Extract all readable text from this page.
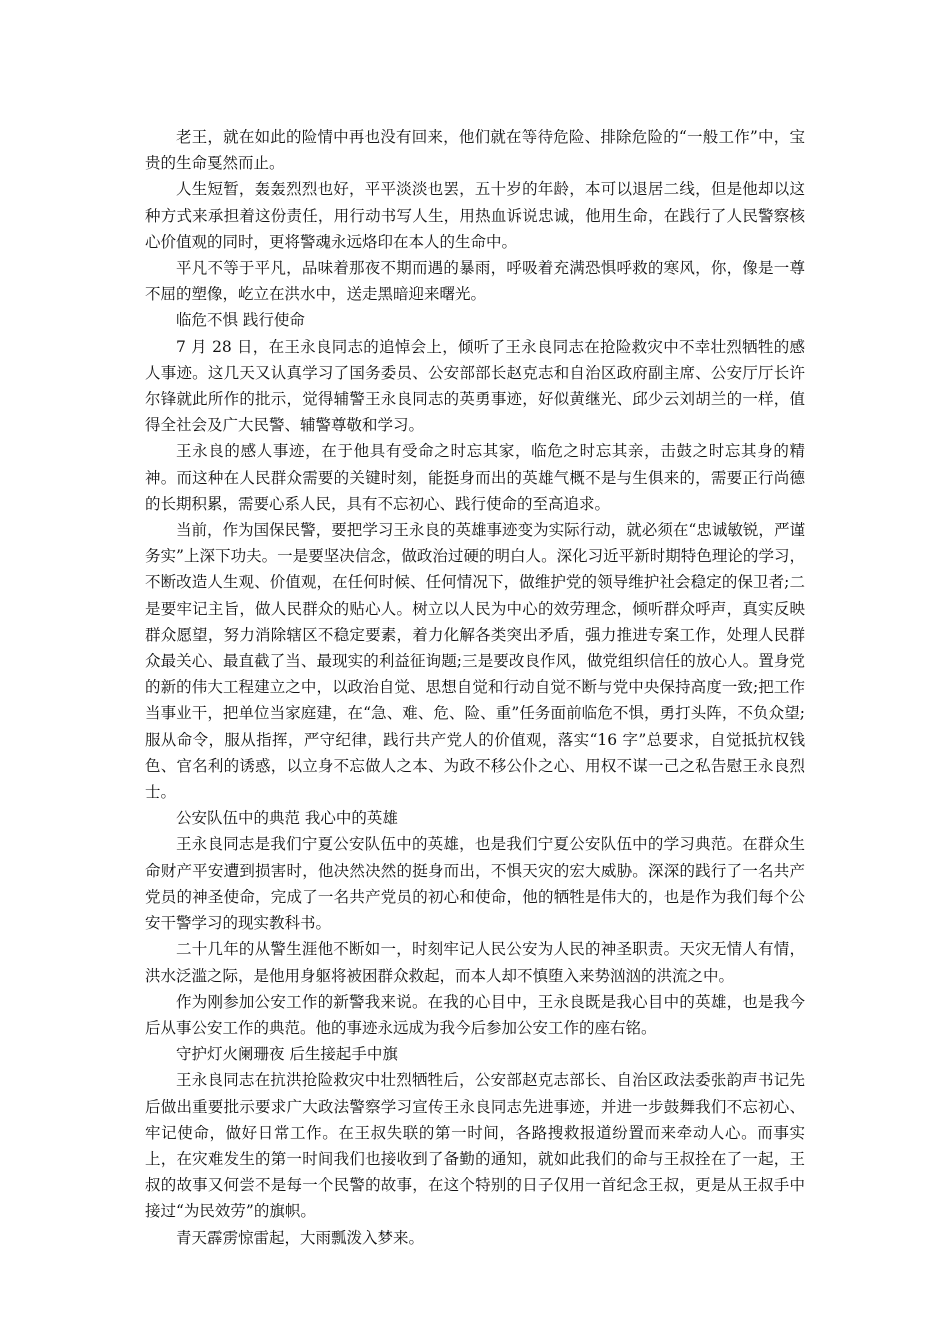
老王，就在如此的险情中再也没有回来，他们就在等待危险、排除危险的“一般工作”中，宝贵的生命戛然而止。

人生短暂，轰轰烈烈也好，平平淡淡也罢，五十岁的年龄，本可以退居二线，但是他却以这种方式来承担着这份责任，用行动书写人生，用热血诉说忠诚，他用生命，在践行了人民警察核心价值观的同时，更将警魂永远烙印在本人的生命中。

平凡不等于平凡，品味着那夜不期而遇的暴雨，呼吸着充满恐惧呼救的寒风，你，像是一尊不屈的塑像，屹立在洪水中，送走黑暗迎来曙光。

临危不惧 践行使命

7 月 28 日，在王永良同志的追悼会上，倾听了王永良同志在抢险救灾中不幸壮烈牺牲的感人事迹。这几天又认真学习了国务委员、公安部部长赵克志和自治区政府副主席、公安厅厅长许尔锋就此所作的批示，觉得辅警王永良同志的英勇事迹，好似黄继光、邱少云刘胡兰的一样，值得全社会及广大民警、辅警尊敬和学习。

王永良的感人事迹，在于他具有受命之时忘其家，临危之时忘其亲，击鼓之时忘其身的精神。而这种在人民群众需要的关键时刻，能挺身而出的英雄气概不是与生俱来的，需要正行尚德的长期积累，需要心系人民，具有不忘初心、践行使命的至高追求。

当前，作为国保民警，要把学习王永良的英雄事迹变为实际行动，就必须在“忠诚敏锐，严谨务实”上深下功夫。一是要坚决信念，做政治过硬的明白人。深化习近平新时期特色理论的学习，不断改造人生观、价值观，在任何时候、任何情况下，做维护党的领导维护社会稳定的保卫者;二是要牢记主旨，做人民群众的贴心人。树立以人民为中心的效劳理念，倾听群众呼声，真实反映群众愿望，努力消除辖区不稳定要素，着力化解各类突出矛盾，强力推进专案工作，处理人民群众最关心、最直截了当、最现实的利益征询题;三是要改良作风，做党组织信任的放心人。置身党的新的伟大工程建立之中，以政治自觉、思想自觉和行动自觉不断与党中央保持高度一致;把工作当事业干，把单位当家庭建，在“急、难、危、险、重”任务面前临危不惧，勇打头阵，不负众望;服从命令，服从指挥，严守纪律，践行共产党人的价值观，落实“16 字”总要求，自觉抵抗权钱色、官名利的诱惑，以立身不忘做人之本、为政不移公仆之心、用权不谋一己之私告慰王永良烈士。

公安队伍中的典范 我心中的英雄

王永良同志是我们宁夏公安队伍中的英雄，也是我们宁夏公安队伍中的学习典范。在群众生命财产平安遭到损害时，他决然决然的挺身而出，不惧天灾的宏大威胁。深深的践行了一名共产党员的神圣使命，完成了一名共产党员的初心和使命，他的牺牲是伟大的，也是作为我们每个公安干警学习的现实教科书。

二十几年的从警生涯他不断如一，时刻牢记人民公安为人民的神圣职责。天灾无情人有情，洪水泛滥之际，是他用身躯将被困群众救起，而本人却不慎堕入来势汹汹的洪流之中。

作为刚参加公安工作的新警我来说。在我的心目中，王永良既是我心目中的英雄，也是我今后从事公安工作的典范。他的事迹永远成为我今后参加公安工作的座右铭。

守护灯火阑珊夜 后生接起手中旗

王永良同志在抗洪抢险救灾中壮烈牺牲后，公安部赵克志部长、自治区政法委张韵声书记先后做出重要批示要求广大政法警察学习宣传王永良同志先进事迹，并进一步鼓舞我们不忘初心、牢记使命，做好日常工作。在王叔失联的第一时间，各路搜救报道纷置而来牵动人心。而事实上，在灾难发生的第一时间我们也接收到了备勤的通知，就如此我们的命与王叔拴在了一起，王叔的故事又何尝不是每一个民警的故事，在这个特别的日子仅用一首纪念王叔，更是从王叔手中接过“为民效劳”的旗帜。

青天霹雳惊雷起，大雨瓢泼入梦来。
